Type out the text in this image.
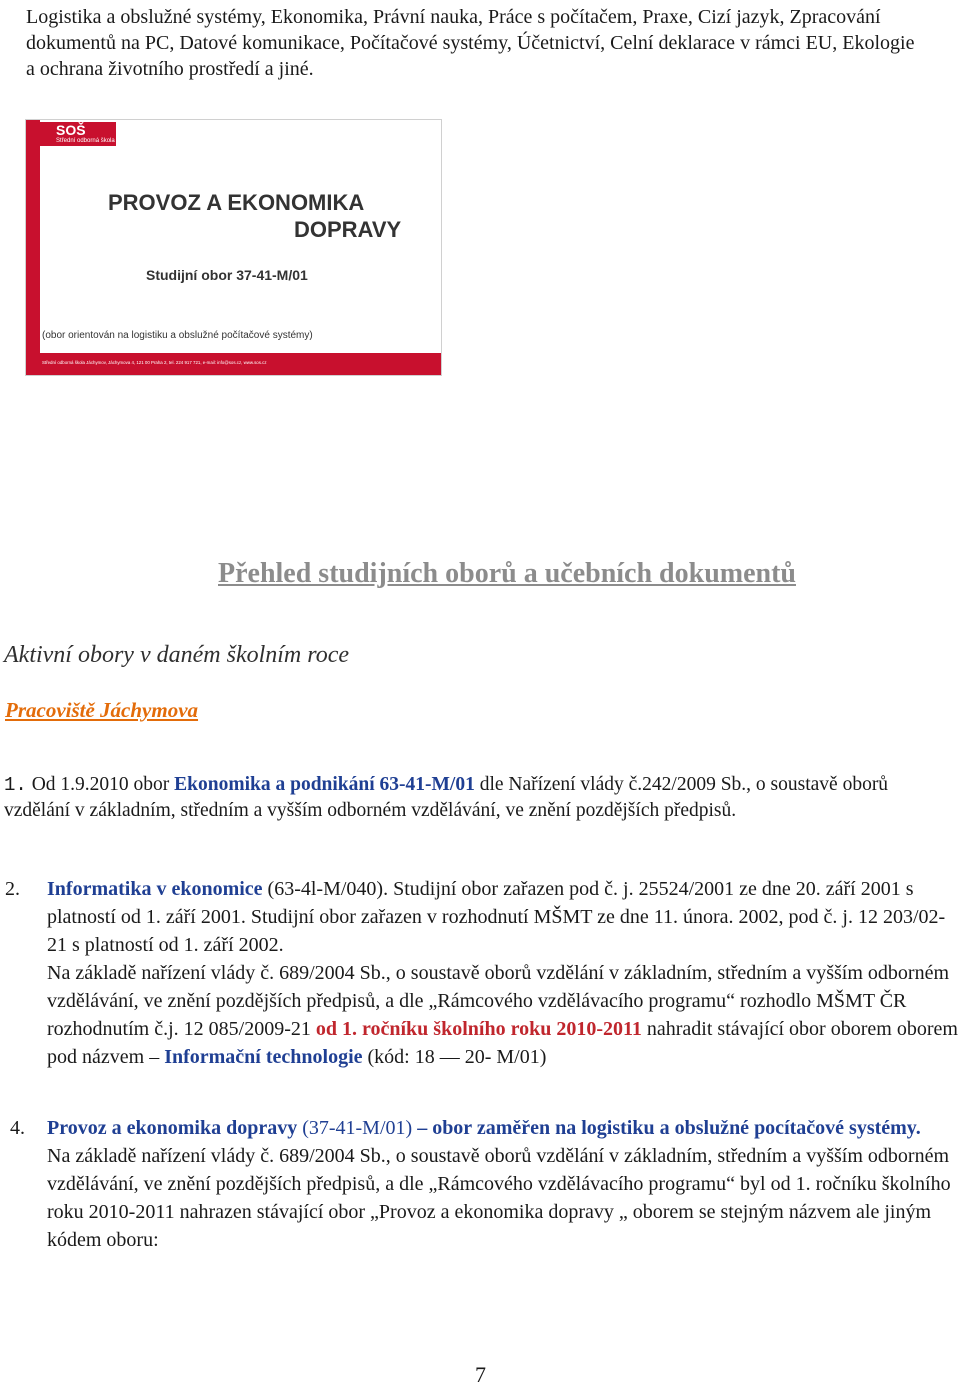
Logistika a obslužné systémy, Ekonomika, Právní nauka, Práce s počítačem, Praxe, Cizí jazyk, Zpracování dokumentů na PC, Datové komunikace, Počítačové systémy, Účetnictví, Celní deklarace v rámci EU, Ekologie a ochrana životního prostředí a jiné.
SOŠ
Střední odborná škola
PROVOZ A EKONOMIKA
DOPRAVY
Studijní obor 37-41-M/01
(obor orientován na logistiku a obslužné počítačové systémy)
Střední odborná škola Jáchymov, Jáchymova 4, 121 00 Praha 2, tel. 224 917 721, e-mail: info@sos.cz, www.sos.cz
Přehled studijních oborů a učebních dokumentů
Aktivní obory v daném školním roce
Pracoviště Jáchymova
1. Od 1.9.2010 obor Ekonomika a podnikání 63-41-M/01 dle Nařízení vlády č.242/2009 Sb., o soustavě oborů vzdělání v základním, středním a vyšším odborném vzdělávání, ve znění pozdějších předpisů.
2.	Informatika v ekonomice (63-4l-M/040). Studijní obor zařazen pod č. j. 25524/2001 ze dne 20. září 2001 s platností od 1. září 2001. Studijní obor zařazen v rozhodnutí MŠMT ze dne 11. února. 2002, pod č. j. 12 203/02-21 s platností od 1. září 2002.
Na základě nařízení vlády č. 689/2004 Sb., o soustavě oborů vzdělání v základním, středním a vyšším odborném vzdělávání, ve znění pozdějších předpisů, a dle „Rámcového vzdělávacího programu“ rozhodlo MŠMT ČR rozhodnutím č.j. 12 085/2009-21 od 1. ročníku školního roku 2010-2011 nahradit stávající obor oborem oborem pod názvem – Informační technologie (kód: 18 — 20- M/01)
4.	Provoz a ekonomika dopravy (37-41-M/01) – obor zaměřen na logistiku a obslužné pocítačové systémy.
Na základě nařízení vlády č. 689/2004 Sb., o soustavě oborů vzdělání v základním, středním a vyšším odborném vzdělávání, ve znění pozdějších předpisů, a dle „Rámcového vzdělávacího programu“ byl od 1. ročníku školního roku 2010-2011 nahrazen stávající obor „Provoz a ekonomika dopravy „ oborem se stejným názvem ale jiným kódem oboru:
7
